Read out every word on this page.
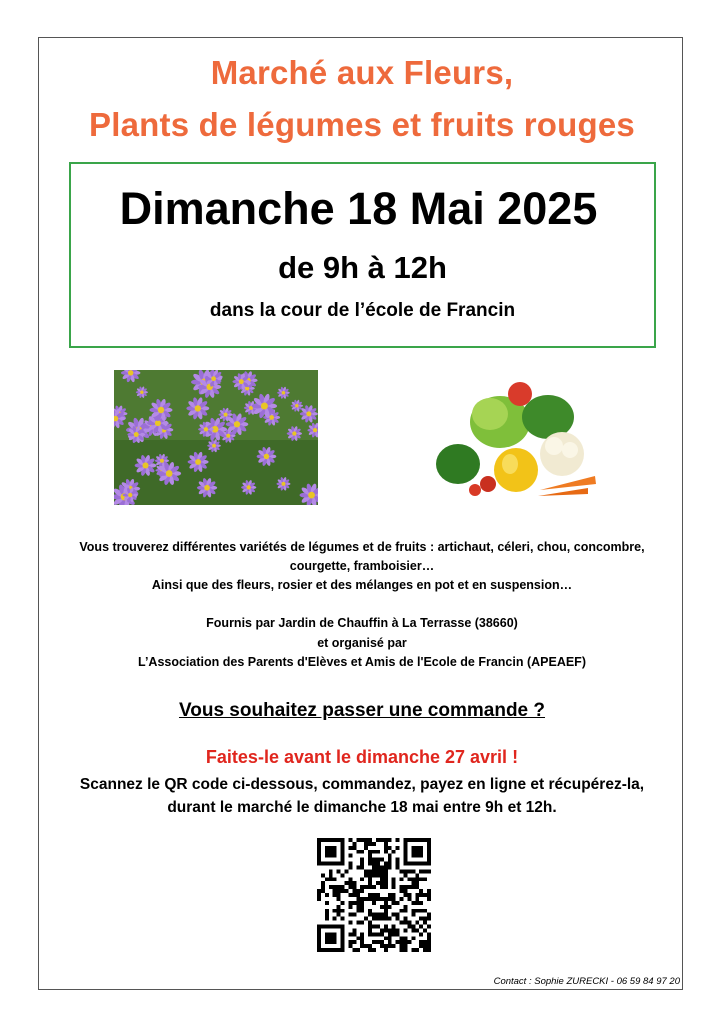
Marché aux Fleurs,
Plants de légumes et fruits rouges
Dimanche 18 Mai 2025
de 9h à 12h
dans la cour de l’école de Francin
Vous trouverez différentes variétés de légumes et de fruits : artichaut, céleri, chou, concombre,
courgette, framboisier…
Ainsi que des fleurs, rosier et des mélanges en pot et en suspension…
Fournis par Jardin de Chauffin à La Terrasse (38660)
et organisé par
L’Association des Parents d'Elèves et Amis de l'Ecole de Francin (APEAEF)
Vous souhaitez passer une commande ?
Faites-le avant le dimanche 27 avril !
Scannez le QR code ci-dessous, commandez, payez en ligne et récupérez-la,
durant le marché le dimanche 18 mai entre 9h et 12h.
Contact : Sophie ZURECKI - 06 59 84 97 20
